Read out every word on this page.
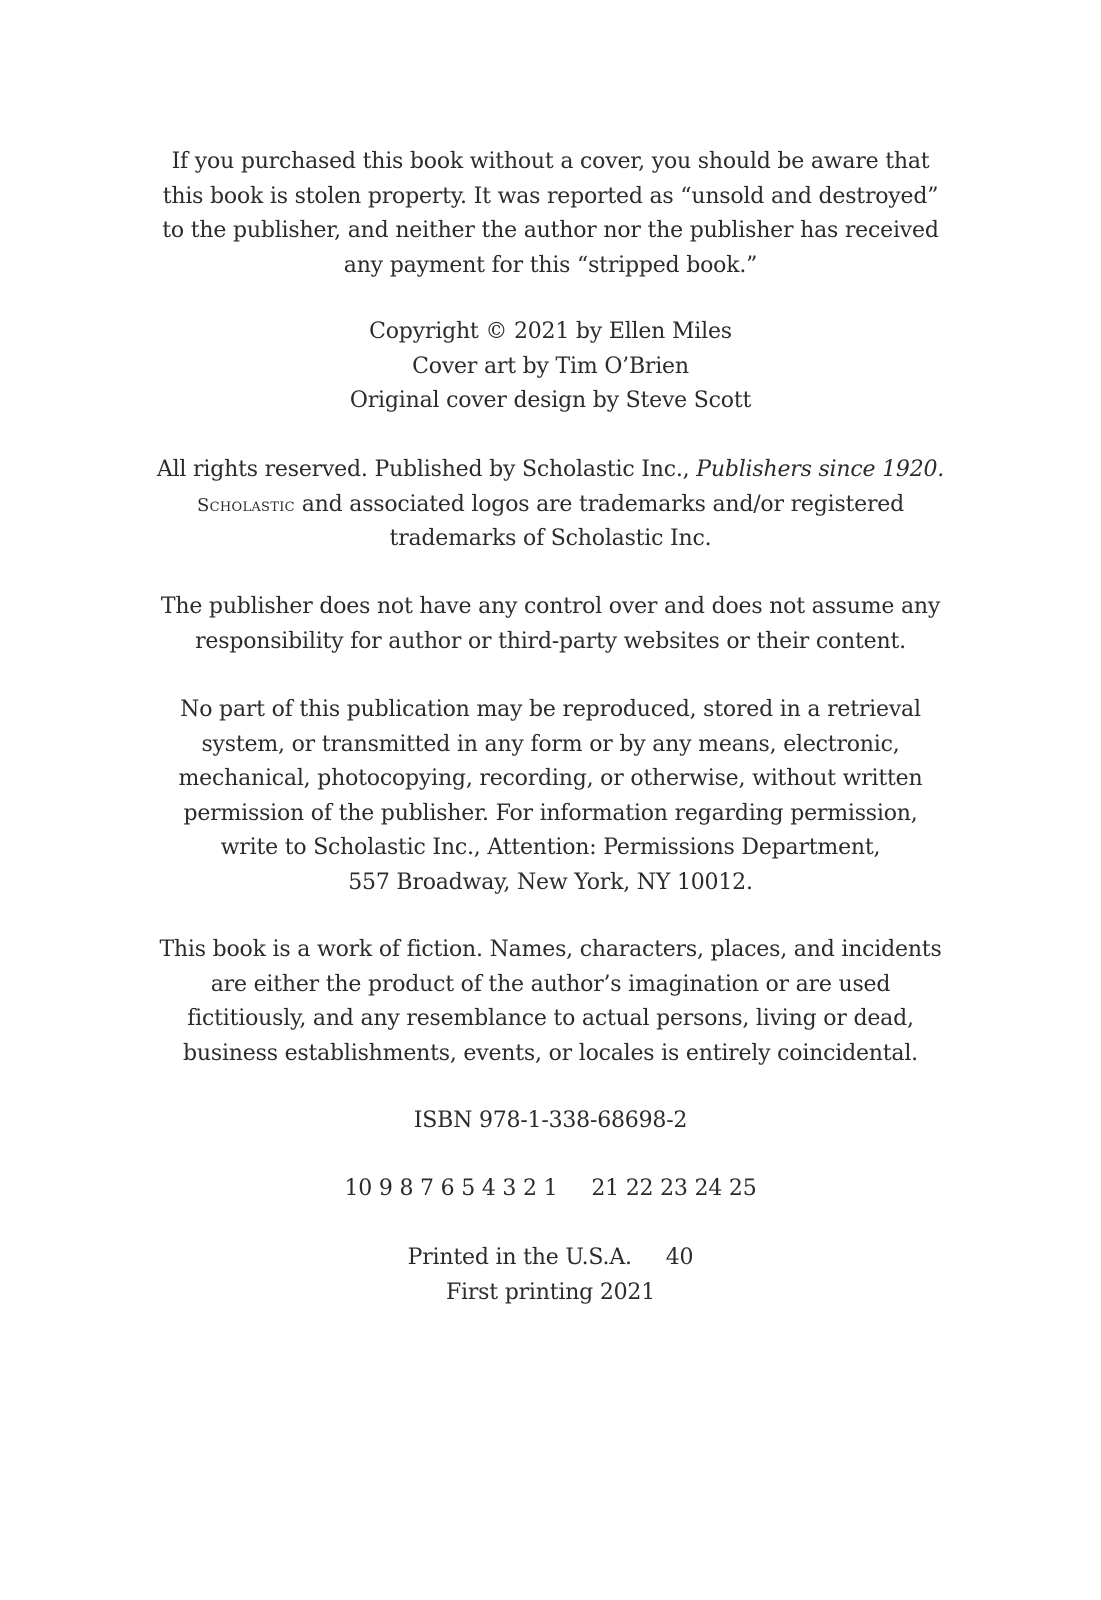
If you purchased this book without a cover, you should be aware that
this book is stolen property. It was reported as “unsold and destroyed”
to the publisher, and neither the author nor the publisher has received
any payment for this “stripped book.”
Copyright © 2021 by Ellen Miles
Cover art by Tim O’Brien
Original cover design by Steve Scott
All rights reserved. Published by Scholastic Inc., Publishers since 1920.
Scholastic and associated logos are trademarks and/or registered
trademarks of Scholastic Inc.
The publisher does not have any control over and does not assume any
responsibility for author or third-party websites or their content.
No part of this publication may be reproduced, stored in a retrieval
system, or transmitted in any form or by any means, electronic,
mechanical, photocopying, recording, or otherwise, without written
permission of the publisher. For information regarding permission,
write to Scholastic Inc., Attention: Permissions Department,
557 Broadway, New York, NY 10012.
This book is a work of fiction. Names, characters, places, and incidents
are either the product of the author’s imagination or are used
fictitiously, and any resemblance to actual persons, living or dead,
business establishments, events, or locales is entirely coincidental.
ISBN 978-1-338-68698-2
10 9 8 7 6 5 4 3 2 1     21 22 23 24 25
Printed in the U.S.A.     40
First printing 2021
